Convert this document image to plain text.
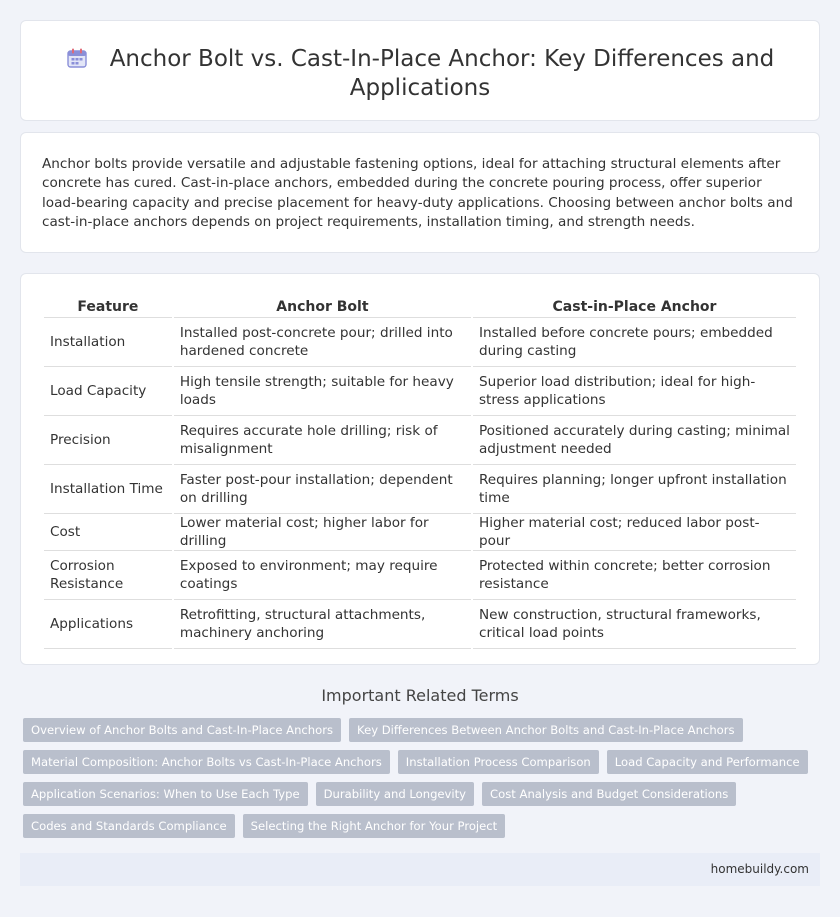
Anchor Bolt vs. Cast-In-Place Anchor: Key Differences and Applications

Anchor bolts provide versatile and adjustable fastening options, ideal for attaching structural elements after concrete has cured. Cast-in-place anchors, embedded during the concrete pouring process, offer superior load-bearing capacity and precise placement for heavy-duty applications. Choosing between anchor bolts and cast-in-place anchors depends on project requirements, installation timing, and strength needs.

Feature	Anchor Bolt	Cast-in-Place Anchor
Installation	Installed post-concrete pour; drilled into hardened concrete	Installed before concrete pours; embedded during casting
Load Capacity	High tensile strength; suitable for heavy loads	Superior load distribution; ideal for high-stress applications
Precision	Requires accurate hole drilling; risk of misalignment	Positioned accurately during casting; minimal adjustment needed
Installation Time	Faster post-pour installation; dependent on drilling	Requires planning; longer upfront installation time
Cost	Lower material cost; higher labor for drilling	Higher material cost; reduced labor post-pour
Corrosion Resistance	Exposed to environment; may require coatings	Protected within concrete; better corrosion resistance
Applications	Retrofitting, structural attachments, machinery anchoring	New construction, structural frameworks, critical load points
Important Related Terms
Overview of Anchor Bolts and Cast-In-Place Anchors	Key Differences Between Anchor Bolts and Cast-In-Place Anchors
Material Composition: Anchor Bolts vs Cast-In-Place Anchors	Installation Process Comparison	Load Capacity and Performance
Application Scenarios: When to Use Each Type	Durability and Longevity	Cost Analysis and Budget Considerations
Codes and Standards Compliance	Selecting the Right Anchor for Your Project
homebuildy.com
